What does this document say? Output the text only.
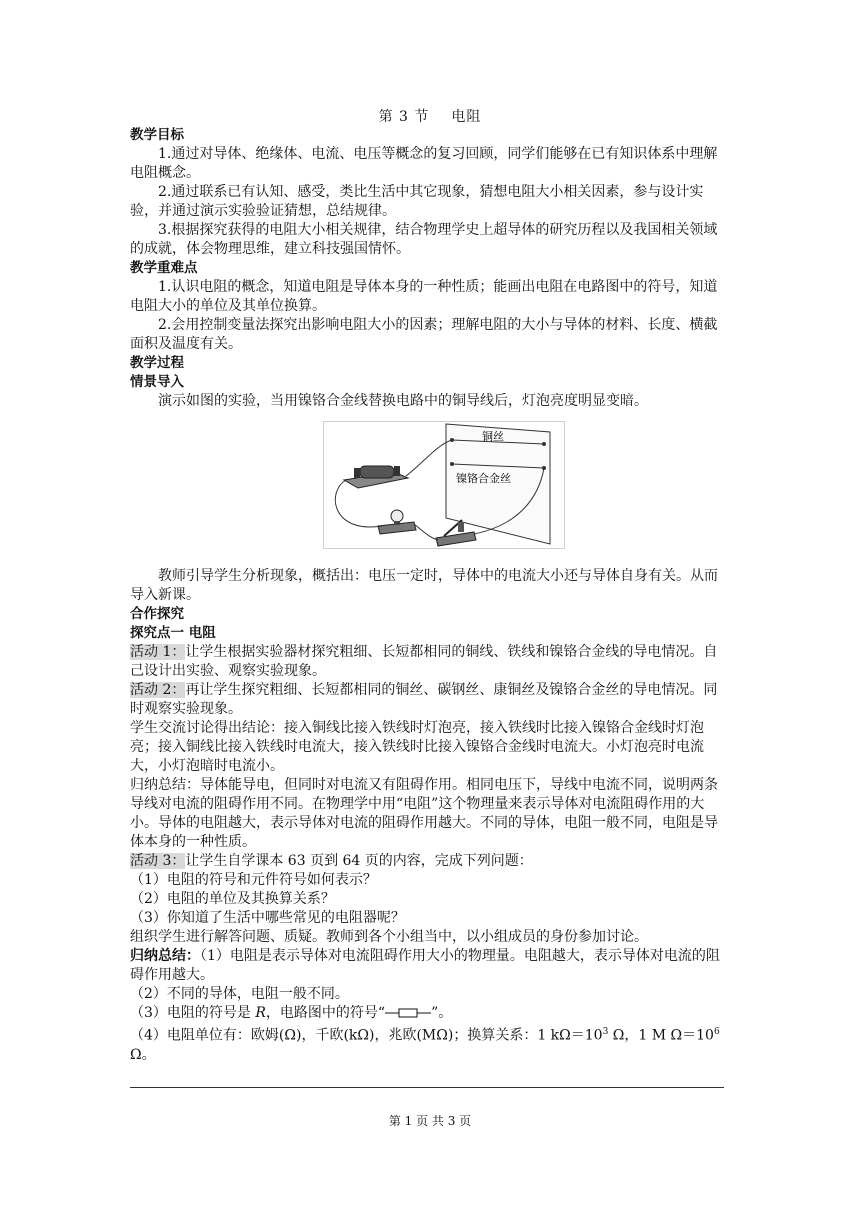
第 3 节 电阻
教学目标
1.通过对导体、绝缘体、电流、电压等概念的复习回顾，同学们能够在已有知识体系中理解电阻概念。
2.通过联系已有认知、感受，类比生活中其它现象，猜想电阻大小相关因素，参与设计实验，并通过演示实验验证猜想，总结规律。
3.根据探究获得的电阻大小相关规律，结合物理学史上超导体的研究历程以及我国相关领域的成就，体会物理思维，建立科技强国情怀。
教学重难点
1.认识电阻的概念，知道电阻是导体本身的一种性质；能画出电阻在电路图中的符号，知道电阻大小的单位及其单位换算。
2.会用控制变量法探究出影响电阻大小的因素；理解电阻的大小与导体的材料、长度、横截面积及温度有关。
教学过程
情景导入
演示如图的实验，当用镍铬合金线替换电路中的铜导线后，灯泡亮度明显变暗。
铜丝
镍铬合金丝
教师引导学生分析现象，概括出：电压一定时，导体中的电流大小还与导体自身有关。从而导入新课。
合作探究
探究点一 电阻
活动 1：让学生根据实验器材探究粗细、长短都相同的铜线、铁线和镍铬合金线的导电情况。自己设计出实验、观察实验现象。
活动 2：再让学生探究粗细、长短都相同的铜丝、碳钢丝、康铜丝及镍铬合金丝的导电情况。同时观察实验现象。
学生交流讨论得出结论：接入铜线比接入铁线时灯泡亮，接入铁线时比接入镍铬合金线时灯泡亮；接入铜线比接入铁线时电流大，接入铁线时比接入镍铬合金线时电流大。小灯泡亮时电流大，小灯泡暗时电流小。
归纳总结：导体能导电，但同时对电流又有阻碍作用。相同电压下，导线中电流不同，说明两条导线对电流的阻碍作用不同。在物理学中用“电阻”这个物理量来表示导体对电流阻碍作用的大小。导体的电阻越大，表示导体对电流的阻碍作用越大。不同的导体，电阻一般不同，电阻是导体本身的一种性质。
活动 3：让学生自学课本 63 页到 64 页的内容，完成下列问题：
（1）电阻的符号和元件符号如何表示？
（2）电阻的单位及其换算关系？
（3）你知道了生活中哪些常见的电阻器呢？
组织学生进行解答问题、质疑。教师到各个小组当中，以小组成员的身份参加讨论。
归纳总结：（1）电阻是表示导体对电流阻碍作用大小的物理量。电阻越大，表示导体对电流的阻碍作用越大。
（2）不同的导体，电阻一般不同。
（3）电阻的符号是 R，电路图中的符号“	”。
（4）电阻单位有：欧姆(Ω)，千欧(kΩ)，兆欧(MΩ)；换算关系：1 $k\Omega=10^3$ Ω，1 M $\Omega=10^6$ Ω。
第 1 页 共 3 页
